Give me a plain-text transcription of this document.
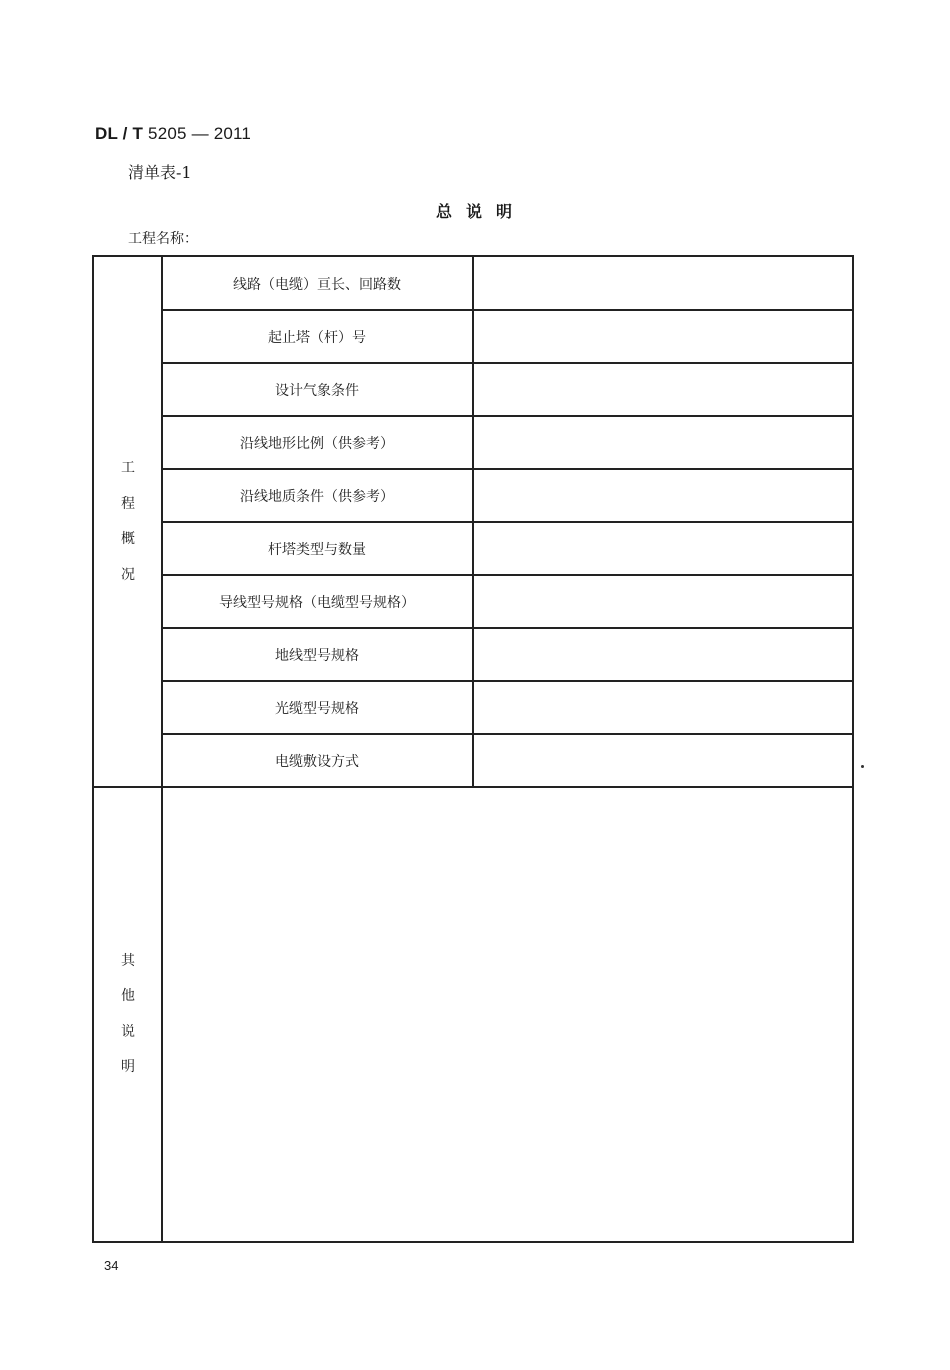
DL / T 5205 — 2011
清单表-1
总说明
工程名称：
工
程
概
况
线路（电缆）亘长、回路数
起止塔（杆）号
设计气象条件
沿线地形比例（供参考）
沿线地质条件（供参考）
杆塔类型与数量
导线型号规格（电缆型号规格）
地线型号规格
光缆型号规格
电缆敷设方式
其
他
说
明
34
